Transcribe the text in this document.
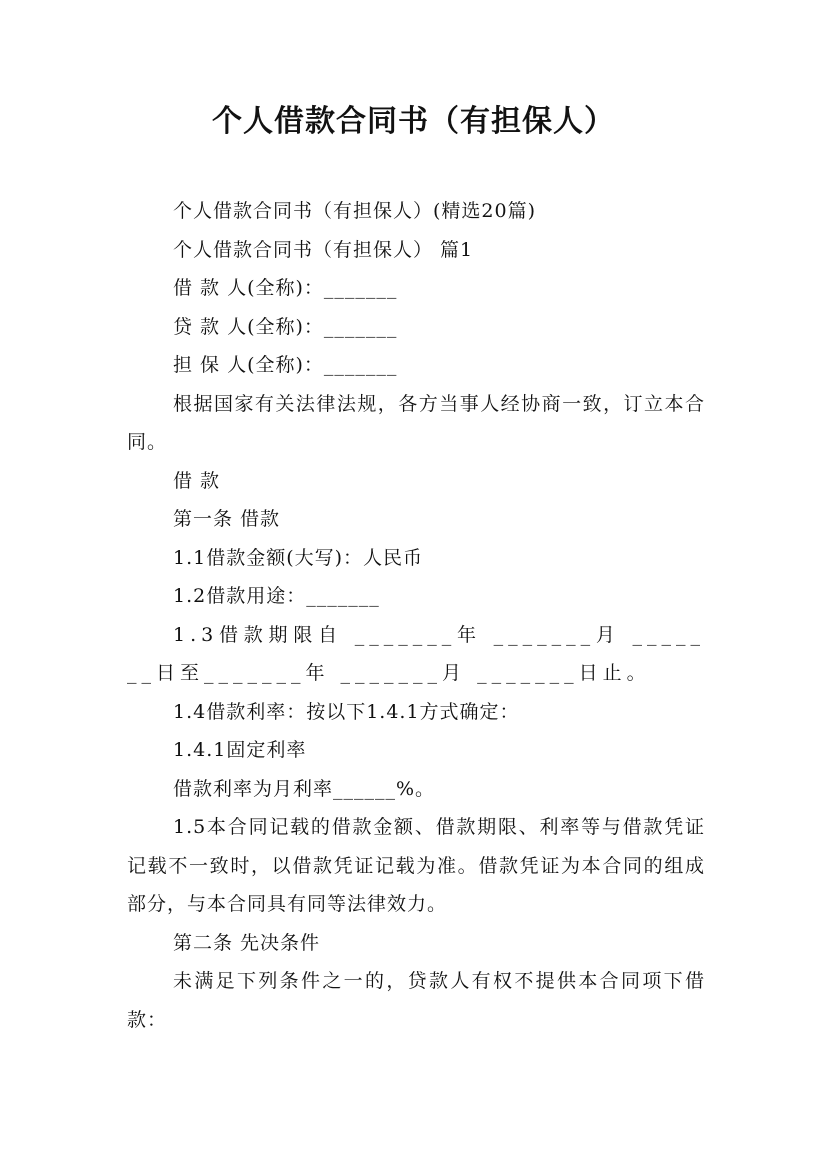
个人借款合同书（有担保人）
个人借款合同书（有担保人）(精选20篇)
个人借款合同书（有担保人） 篇1
借 款 人(全称)：_______
贷 款 人(全称)：_______
担 保 人(全称)：_______
根据国家有关法律法规，各方当事人经协商一致，订立本合同。
借 款
第一条 借款
1.1借款金额(大写)：人民币
1.2借款用途：_______
1.3借款期限自 _______年 _______月 _______日至_______年 _______月 _______日止。
1.4借款利率：按以下1.4.1方式确定：
1.4.1固定利率
借款利率为月利率______%。
1.5本合同记载的借款金额、借款期限、利率等与借款凭证记载不一致时，以借款凭证记载为准。借款凭证为本合同的组成部分，与本合同具有同等法律效力。
第二条 先决条件
未满足下列条件之一的，贷款人有权不提供本合同项下借款：
